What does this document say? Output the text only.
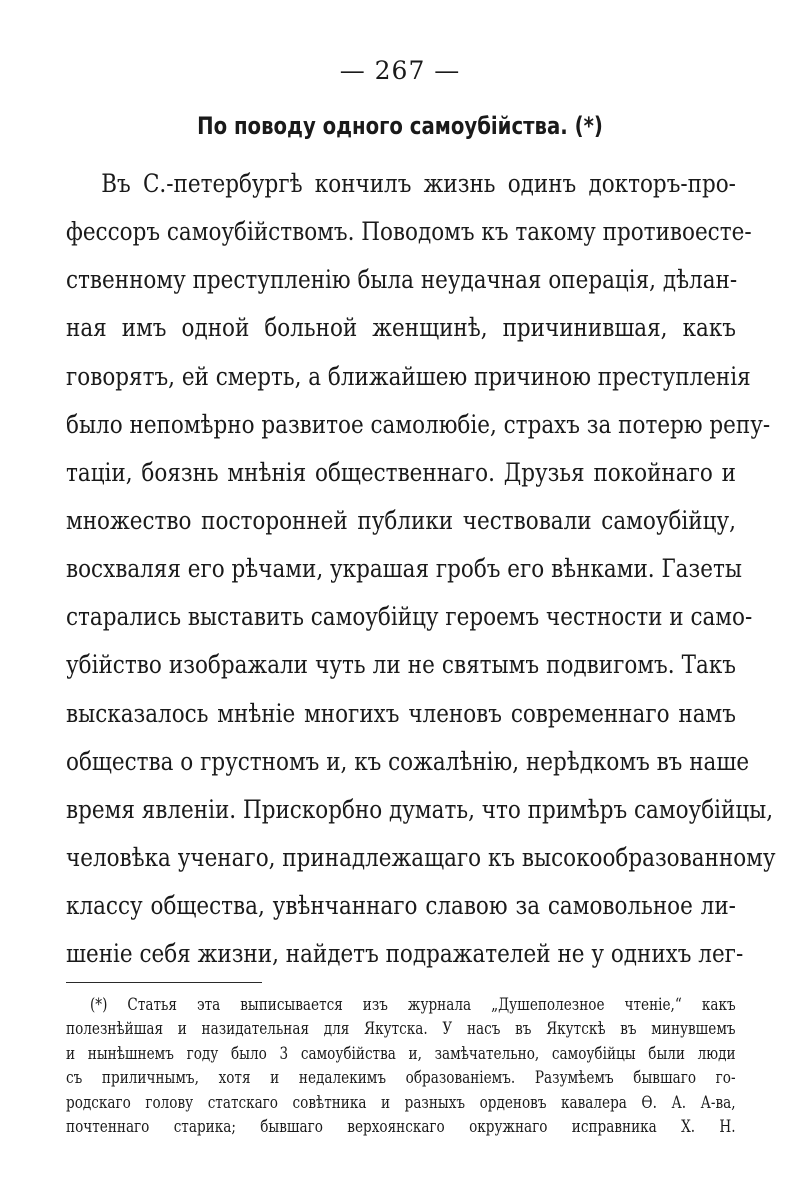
— 267 —
По поводу одного самоубійства. (*)
Въ С.-петербургѣ кончилъ жизнь одинъ докторъ-про-
фессоръ самоубійствомъ. Поводомъ къ такому противоесте-
ственному преступленію была неудачная операція, дѣлан-
ная имъ одной больной женщинѣ, причинившая, какъ
говорятъ, ей смерть, а ближайшею причиною преступленія
было непомѣрно развитое самолюбіе, страхъ за потерю репу-
таціи, боязнь мнѣнія общественнаго. Друзья покойнаго и
множество посторонней публики чествовали самоубійцу,
восхваляя его рѣчами, украшая гробъ его вѣнками. Газеты
старались выставить самоубійцу героемъ честности и само-
убійство изображали чуть ли не святымъ подвигомъ. Такъ
высказалось мнѣніе многихъ членовъ современнаго намъ
общества о грустномъ и, къ сожалѣнію, нерѣдкомъ въ наше
время явленіи. Прискорбно думать, что примѣръ самоубійцы,
человѣка ученаго, принадлежащаго къ высокообразованному
классу общества, увѣнчаннаго славою за самовольное ли-
шеніе себя жизни, найдетъ подражателей не у однихъ лег-
(*) Статья эта выписывается изъ журнала „Душеполезное чтеніе,“ какъ
полезнѣйшая и назидательная для Якутска. У насъ въ Якутскѣ въ минувшемъ
и нынѣшнемъ году было 3 самоубійства и, замѣчательно, самоубійцы были люди
съ приличнымъ, хотя и недалекимъ образованіемъ. Разумѣемъ бывшаго го-
родскаго голову статскаго совѣтника и разныхъ орденовъ кавалера Ѳ. А. А-ва,
почтеннаго старика; бывшаго верхоянскаго окружнаго исправника Х. Н.
